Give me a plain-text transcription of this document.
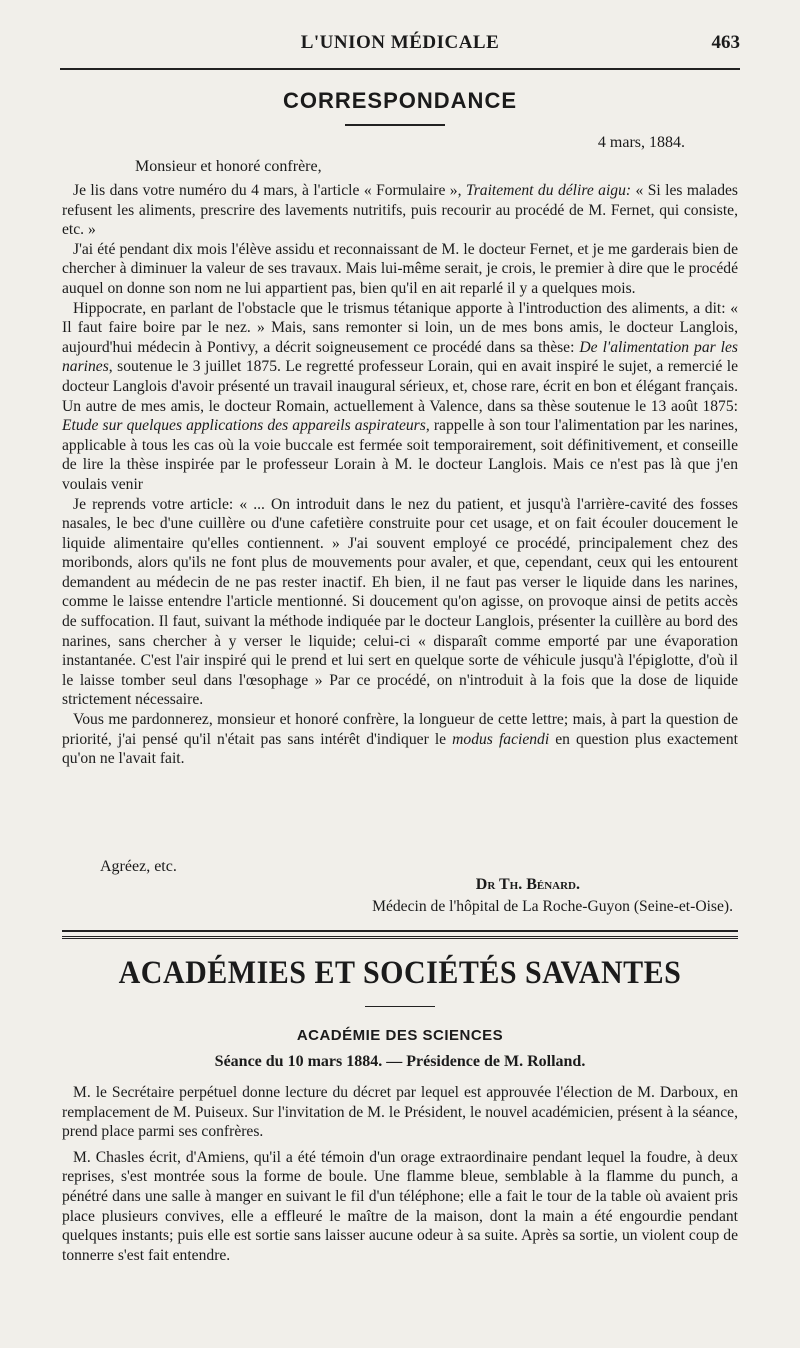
L'UNION MÉDICALE	463
CORRESPONDANCE
4 mars, 1884.
Monsieur et honoré confrère,

Je lis dans votre numéro du 4 mars, à l'article « Formulaire », Traitement du délire aigu: « Si les malades refusent les aliments, prescrire des lavements nutritifs, puis recourir au procédé de M. Fernet, qui consiste, etc. »

J'ai été pendant dix mois l'élève assidu et reconnaissant de M. le docteur Fernet, et je me garderais bien de chercher à diminuer la valeur de ses travaux. Mais lui-même serait, je crois, le premier à dire que le procédé auquel on donne son nom ne lui appartient pas, bien qu'il en ait reparlé il y a quelques mois.

Hippocrate, en parlant de l'obstacle que le trismus tétanique apporte à l'introduction des aliments, a dit: « Il faut faire boire par le nez. » Mais, sans remonter si loin, un de mes bons amis, le docteur Langlois, aujourd'hui médecin à Pontivy, a décrit soigneusement ce procédé dans sa thèse: De l'alimentation par les narines, soutenue le 3 juillet 1875. Le regretté professeur Lorain, qui en avait inspiré le sujet, a remercié le docteur Langlois d'avoir présenté un travail inaugural sérieux, et, chose rare, écrit en bon et élégant français. Un autre de mes amis, le docteur Romain, actuellement à Valence, dans sa thèse soutenue le 13 août 1875: Etude sur quelques applications des appareils aspirateurs, rappelle à son tour l'alimentation par les narines, applicable à tous les cas où la voie buccale est fermée soit temporairement, soit définitivement, et conseille de lire la thèse inspirée par le professeur Lorain à M. le docteur Langlois. Mais ce n'est pas là que j'en voulais venir

Je reprends votre article: « ... On introduit dans le nez du patient, et jusqu'à l'arrière-cavité des fosses nasales, le bec d'une cuillère ou d'une cafetière construite pour cet usage, et on fait écouler doucement le liquide alimentaire qu'elles contiennent. » J'ai souvent employé ce procédé, principalement chez des moribonds, alors qu'ils ne font plus de mouvements pour avaler, et que, cependant, ceux qui les entourent demandent au médecin de ne pas rester inactif. Eh bien, il ne faut pas verser le liquide dans les narines, comme le laisse entendre l'article mentionné. Si doucement qu'on agisse, on provoque ainsi de petits accès de suffocation. Il faut, suivant la méthode indiquée par le docteur Langlois, présenter la cuillère au bord des narines, sans chercher à y verser le liquide; celui-ci « disparaît comme emporté par une évaporation instantanée. C'est l'air inspiré qui le prend et lui sert en quelque sorte de véhicule jusqu'à l'épiglotte, d'où il le laisse tomber seul dans l'œsophage » Par ce procédé, on n'introduit à la fois que la dose de liquide strictement nécessaire.

Vous me pardonnerez, monsieur et honoré confrère, la longueur de cette lettre; mais, à part la question de priorité, j'ai pensé qu'il n'était pas sans intérêt d'indiquer le modus faciendi en question plus exactement qu'on ne l'avait fait.

Agréez, etc.
Dr Th. Bénard.
Médecin de l'hôpital de La Roche-Guyon (Seine-et-Oise).
ACADÉMIES ET SOCIÉTÉS SAVANTES
ACADÉMIE DES SCIENCES
Séance du 10 mars 1884. — Présidence de M. Rolland.

M. le Secrétaire perpétuel donne lecture du décret par lequel est approuvée l'élection de M. Darboux, en remplacement de M. Puiseux. Sur l'invitation de M. le Président, le nouvel académicien, présent à la séance, prend place parmi ses confrères.

M. Chasles écrit, d'Amiens, qu'il a été témoin d'un orage extraordinaire pendant lequel la foudre, à deux reprises, s'est montrée sous la forme de boule. Une flamme bleue, semblable à la flamme du punch, a pénétré dans une salle à manger en suivant le fil d'un téléphone; elle a fait le tour de la table où avaient pris place plusieurs convives, elle a effleuré le maître de la maison, dont la main a été engourdie pendant quelques instants; puis elle est sortie sans laisser aucune odeur à sa suite. Après sa sortie, un violent coup de tonnerre s'est fait entendre.
